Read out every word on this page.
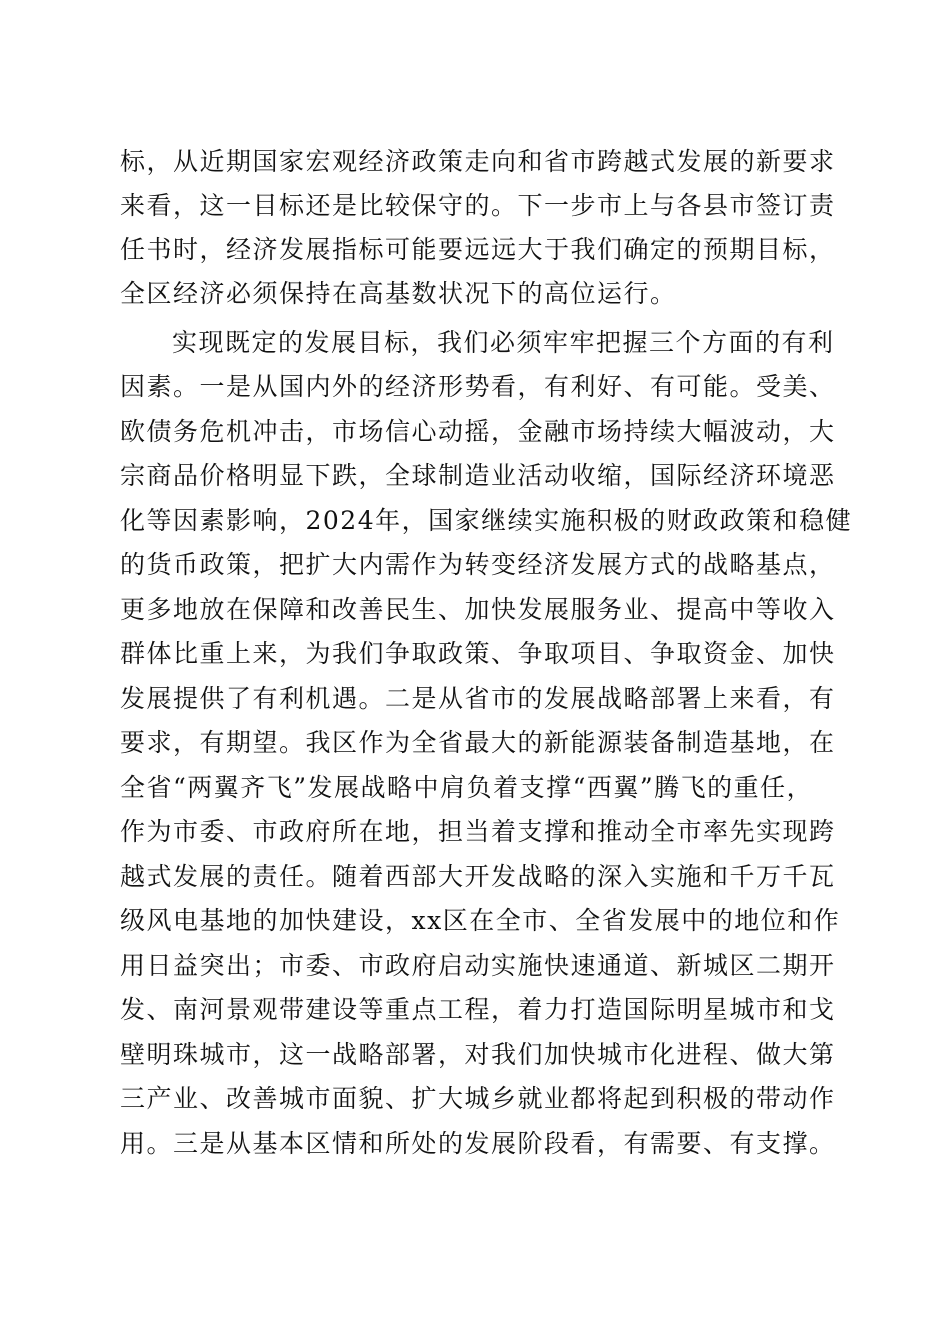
标，从近期国家宏观经济政策走向和省市跨越式发展的新要求
来看，这一目标还是比较保守的。下一步市上与各县市签订责
任书时，经济发展指标可能要远远大于我们确定的预期目标，
全区经济必须保持在高基数状况下的高位运行。
实现既定的发展目标，我们必须牢牢把握三个方面的有利
因素。一是从国内外的经济形势看，有利好、有可能。受美、
欧债务危机冲击，市场信心动摇，金融市场持续大幅波动，大
宗商品价格明显下跌，全球制造业活动收缩，国际经济环境恶
化等因素影响，2024年，国家继续实施积极的财政政策和稳健
的货币政策，把扩大内需作为转变经济发展方式的战略基点，
更多地放在保障和改善民生、加快发展服务业、提高中等收入
群体比重上来，为我们争取政策、争取项目、争取资金、加快
发展提供了有利机遇。二是从省市的发展战略部署上来看，有
要求，有期望。我区作为全省最大的新能源装备制造基地，在
全省“两翼齐飞”发展战略中肩负着支撑“西翼”腾飞的重任，
作为市委、市政府所在地，担当着支撑和推动全市率先实现跨
越式发展的责任。随着西部大开发战略的深入实施和千万千瓦
级风电基地的加快建设，xx区在全市、全省发展中的地位和作
用日益突出；市委、市政府启动实施快速通道、新城区二期开
发、南河景观带建设等重点工程，着力打造国际明星城市和戈
壁明珠城市，这一战略部署，对我们加快城市化进程、做大第
三产业、改善城市面貌、扩大城乡就业都将起到积极的带动作
用。三是从基本区情和所处的发展阶段看，有需要、有支撑。
